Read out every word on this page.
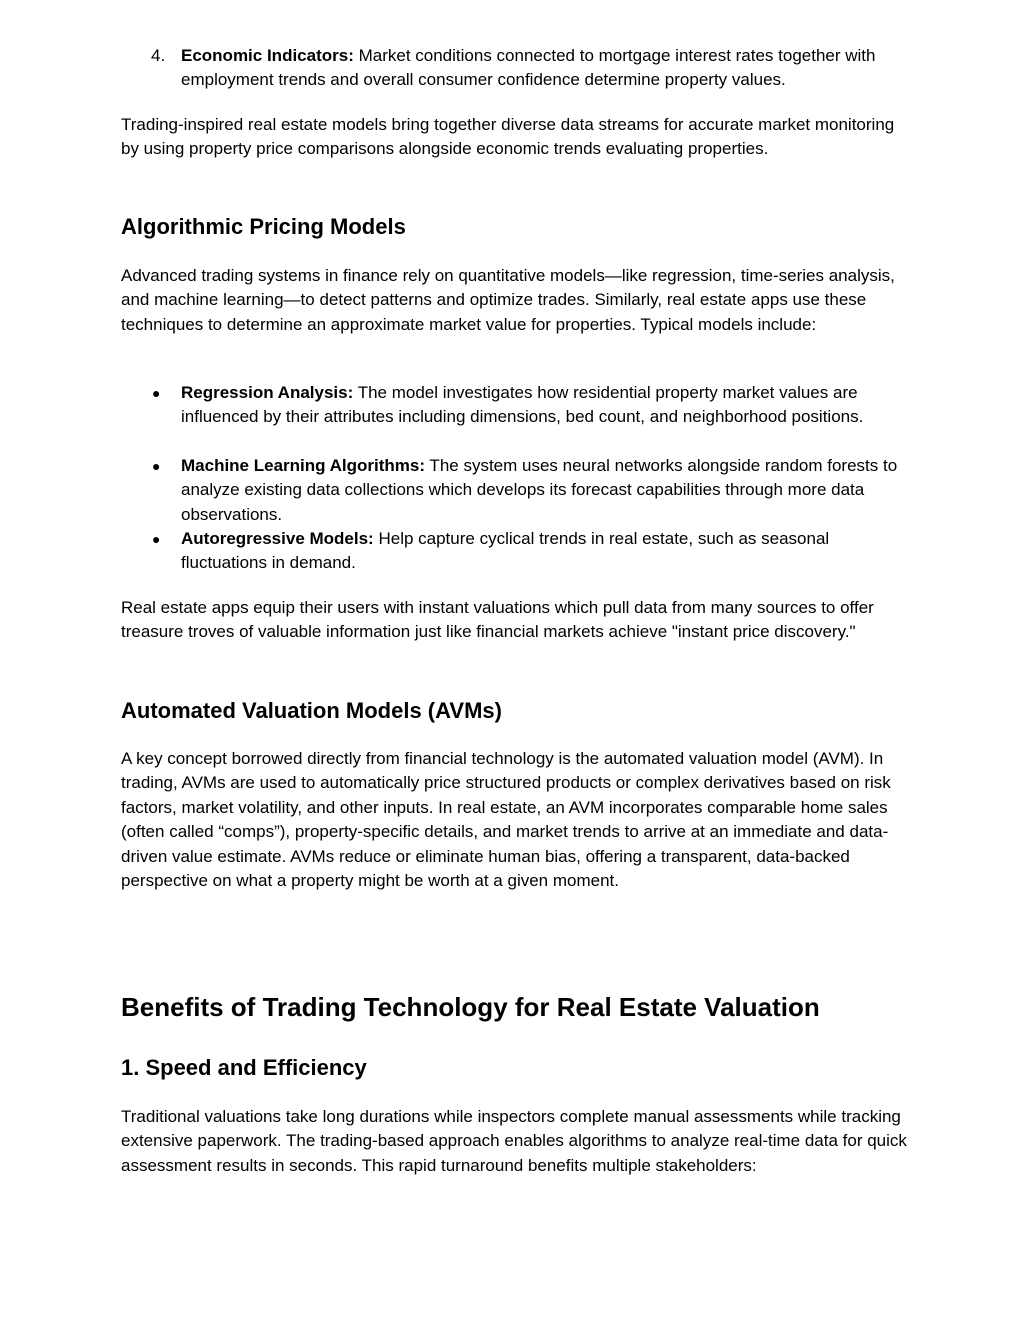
4. Economic Indicators: Market conditions connected to mortgage interest rates together with employment trends and overall consumer confidence determine property values.

Trading-inspired real estate models bring together diverse data streams for accurate market monitoring by using property price comparisons alongside economic trends evaluating properties.

Algorithmic Pricing Models

Advanced trading systems in finance rely on quantitative models—like regression, time-series analysis, and machine learning—to detect patterns and optimize trades. Similarly, real estate apps use these techniques to determine an approximate market value for properties. Typical models include:

● Regression Analysis: The model investigates how residential property market values are influenced by their attributes including dimensions, bed count, and neighborhood positions.
● Machine Learning Algorithms: The system uses neural networks alongside random forests to analyze existing data collections which develops its forecast capabilities through more data observations.
● Autoregressive Models: Help capture cyclical trends in real estate, such as seasonal fluctuations in demand.

Real estate apps equip their users with instant valuations which pull data from many sources to offer treasure troves of valuable information just like financial markets achieve "instant price discovery."

Automated Valuation Models (AVMs)

A key concept borrowed directly from financial technology is the automated valuation model (AVM). In trading, AVMs are used to automatically price structured products or complex derivatives based on risk factors, market volatility, and other inputs. In real estate, an AVM incorporates comparable home sales (often called “comps”), property-specific details, and market trends to arrive at an immediate and data-driven value estimate. AVMs reduce or eliminate human bias, offering a transparent, data-backed perspective on what a property might be worth at a given moment.

Benefits of Trading Technology for Real Estate Valuation
1. Speed and Efficiency

Traditional valuations take long durations while inspectors complete manual assessments while tracking extensive paperwork. The trading-based approach enables algorithms to analyze real-time data for quick assessment results in seconds. This rapid turnaround benefits multiple stakeholders:
